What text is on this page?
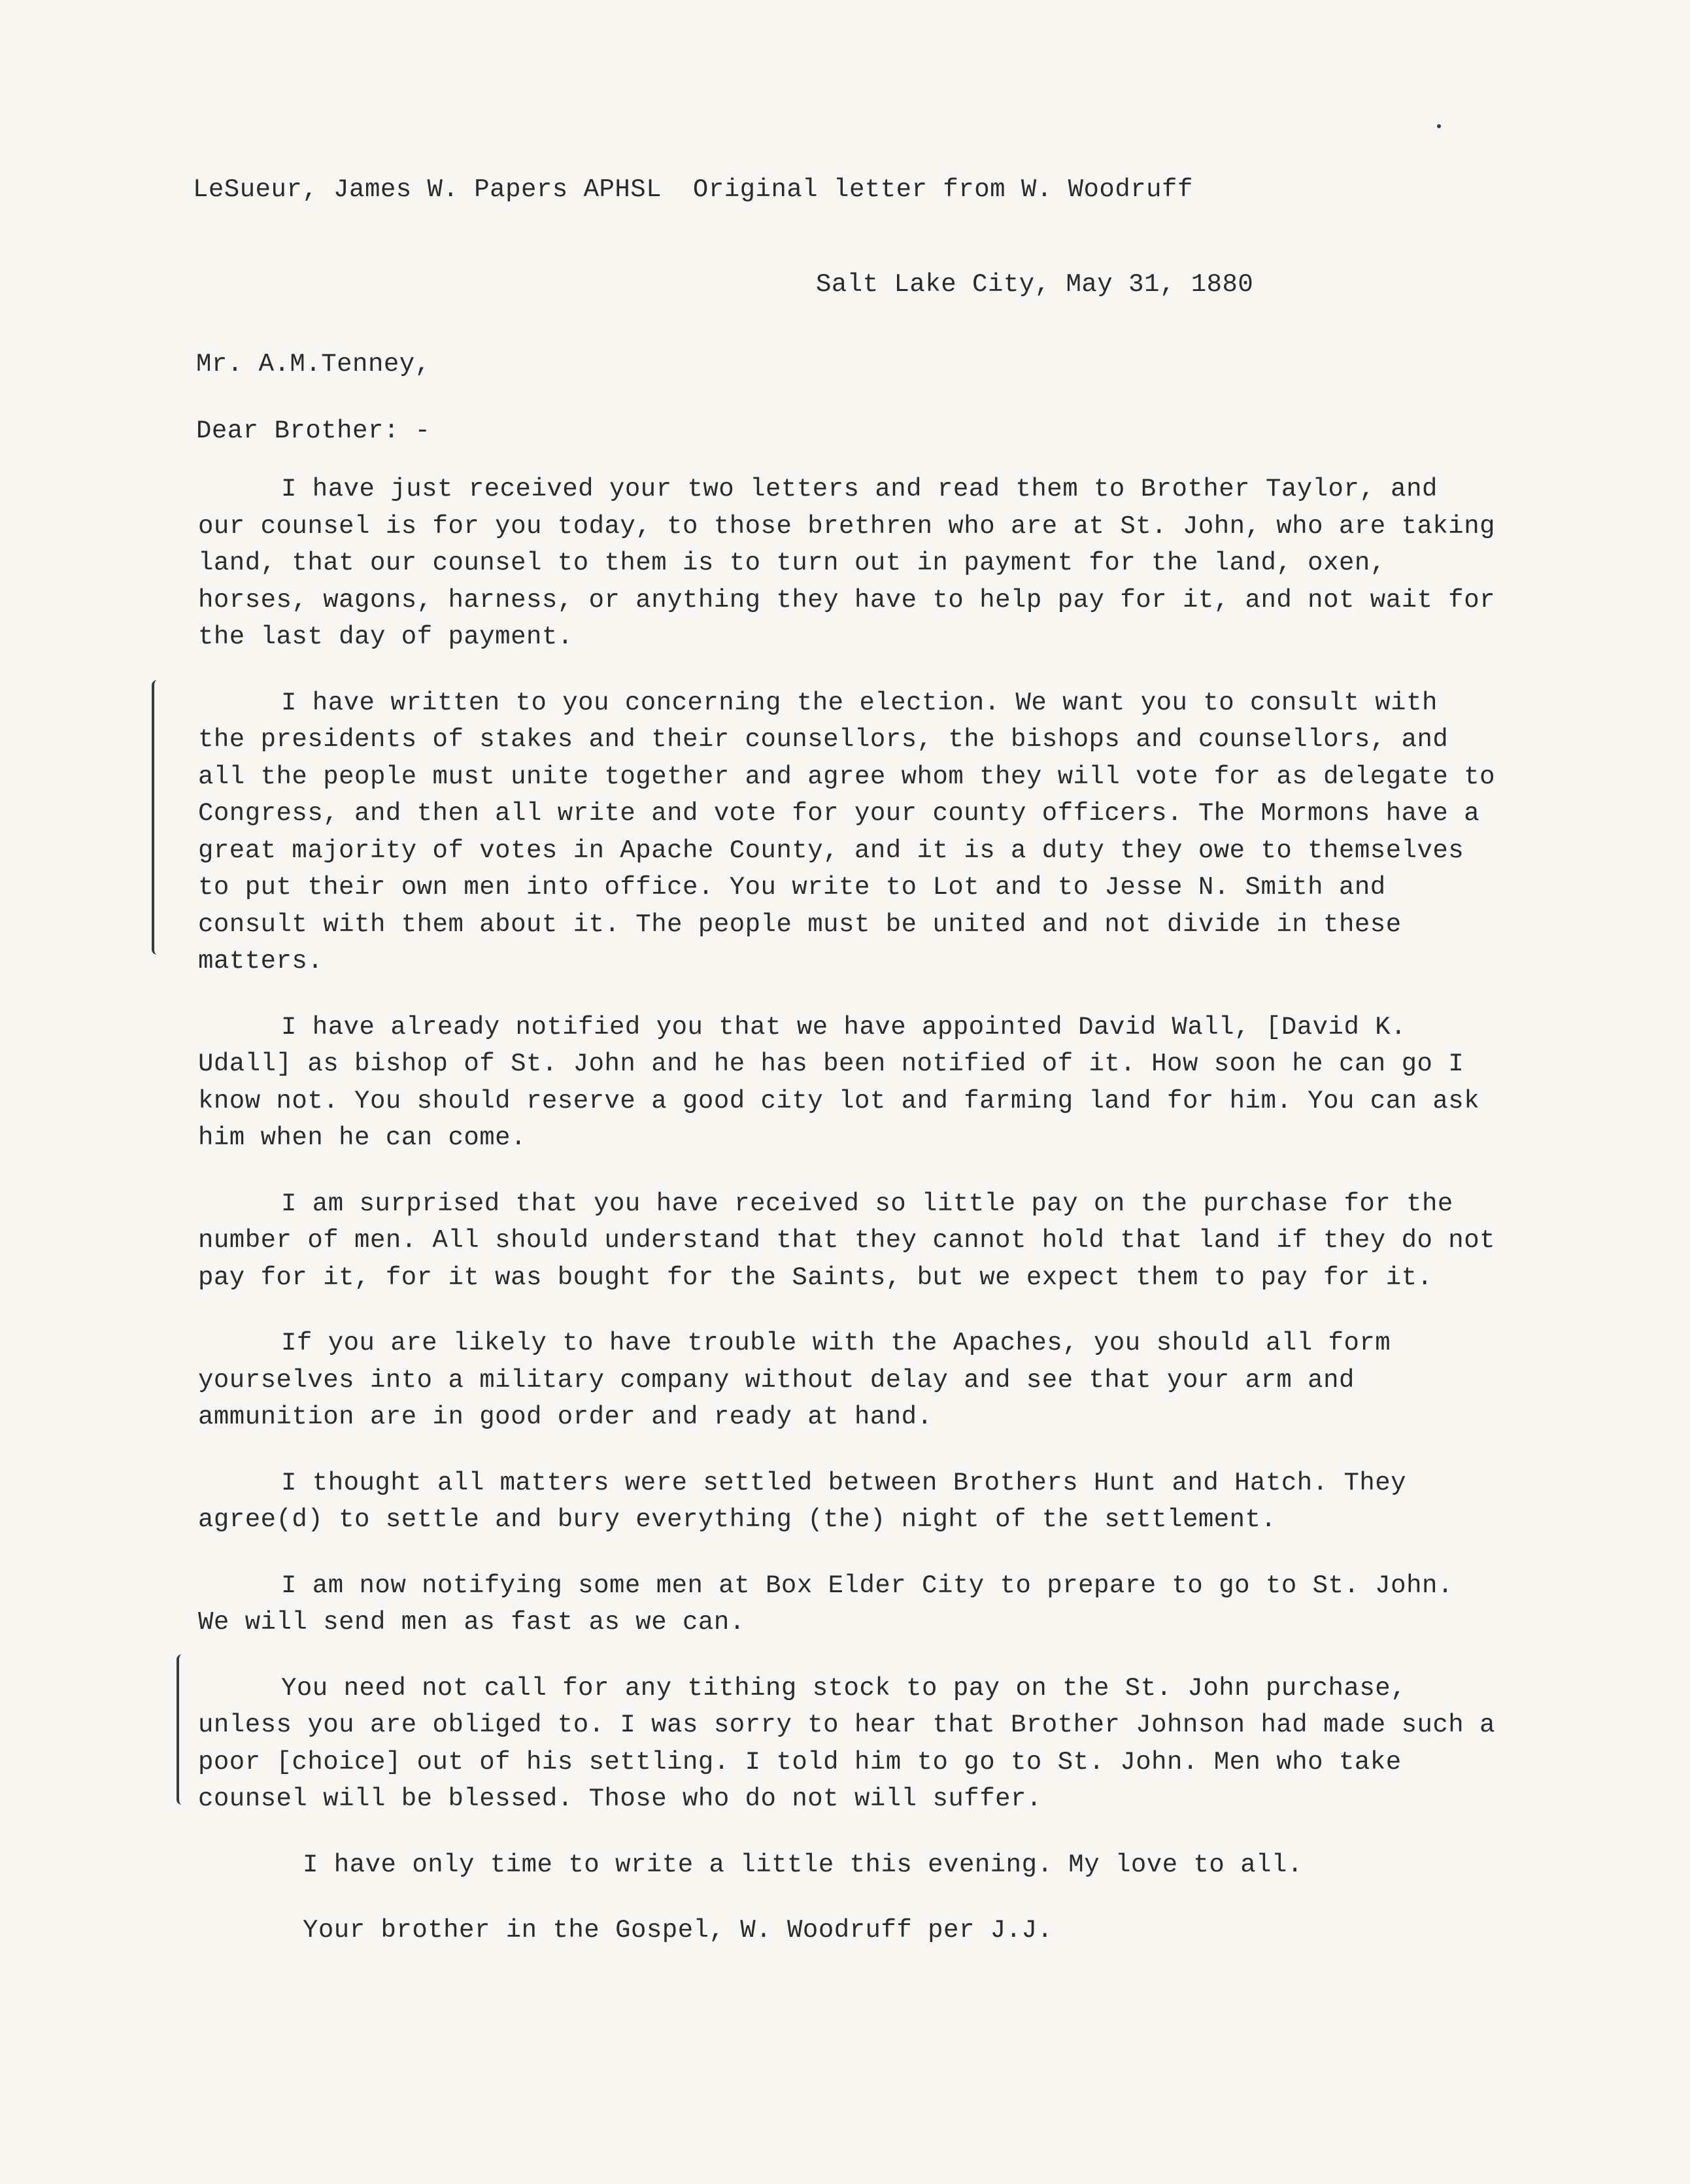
LeSueur, James W. Papers APHSL  Original letter from W. Woodruff
Salt Lake City, May 31, 1880
Mr. A.M.Tenney,
Dear Brother: -

I have just received your two letters and read them to Brother Taylor, and our counsel is for you today, to those brethren who are at St. John, who are taking land, that our counsel to them is to turn out in payment for the land, oxen, horses, wagons, harness, or anything they have to help pay for it, and not wait for the last day of payment.

I have written to you concerning the election. We want you to consult with the presidents of stakes and their counsellors, the bishops and counsellors, and all the people must unite together and agree whom they will vote for as delegate to Congress, and then all write and vote for your county officers. The Mormons have a great majority of votes in Apache County, and it is a duty they owe to themselves to put their own men into office. You write to Lot and to Jesse N. Smith and consult with them about it. The people must be united and not divide in these matters.

I have already notified you that we have appointed David Wall, [David K. Udall] as bishop of St. John and he has been notified of it. How soon he can go I know not. You should reserve a good city lot and farming land for him. You can ask him when he can come.

I am surprised that you have received so little pay on the purchase for the number of men. All should understand that they cannot hold that land if they do not pay for it, for it was bought for the Saints, but we expect them to pay for it.

If you are likely to have trouble with the Apaches, you should all form yourselves into a military company without delay and see that your arm and ammunition are in good order and ready at hand.

I thought all matters were settled between Brothers Hunt and Hatch. They agree(d) to settle and bury everything (the) night of the settlement.

I am now notifying some men at Box Elder City to prepare to go to St. John. We will send men as fast as we can.

You need not call for any tithing stock to pay on the St. John purchase, unless you are obliged to. I was sorry to hear that Brother Johnson had made such a poor [choice] out of his settling. I told him to go to St. John. Men who take counsel will be blessed. Those who do not will suffer.

I have only time to write a little this evening. My love to all.

Your brother in the Gospel, W. Woodruff per J.J.
